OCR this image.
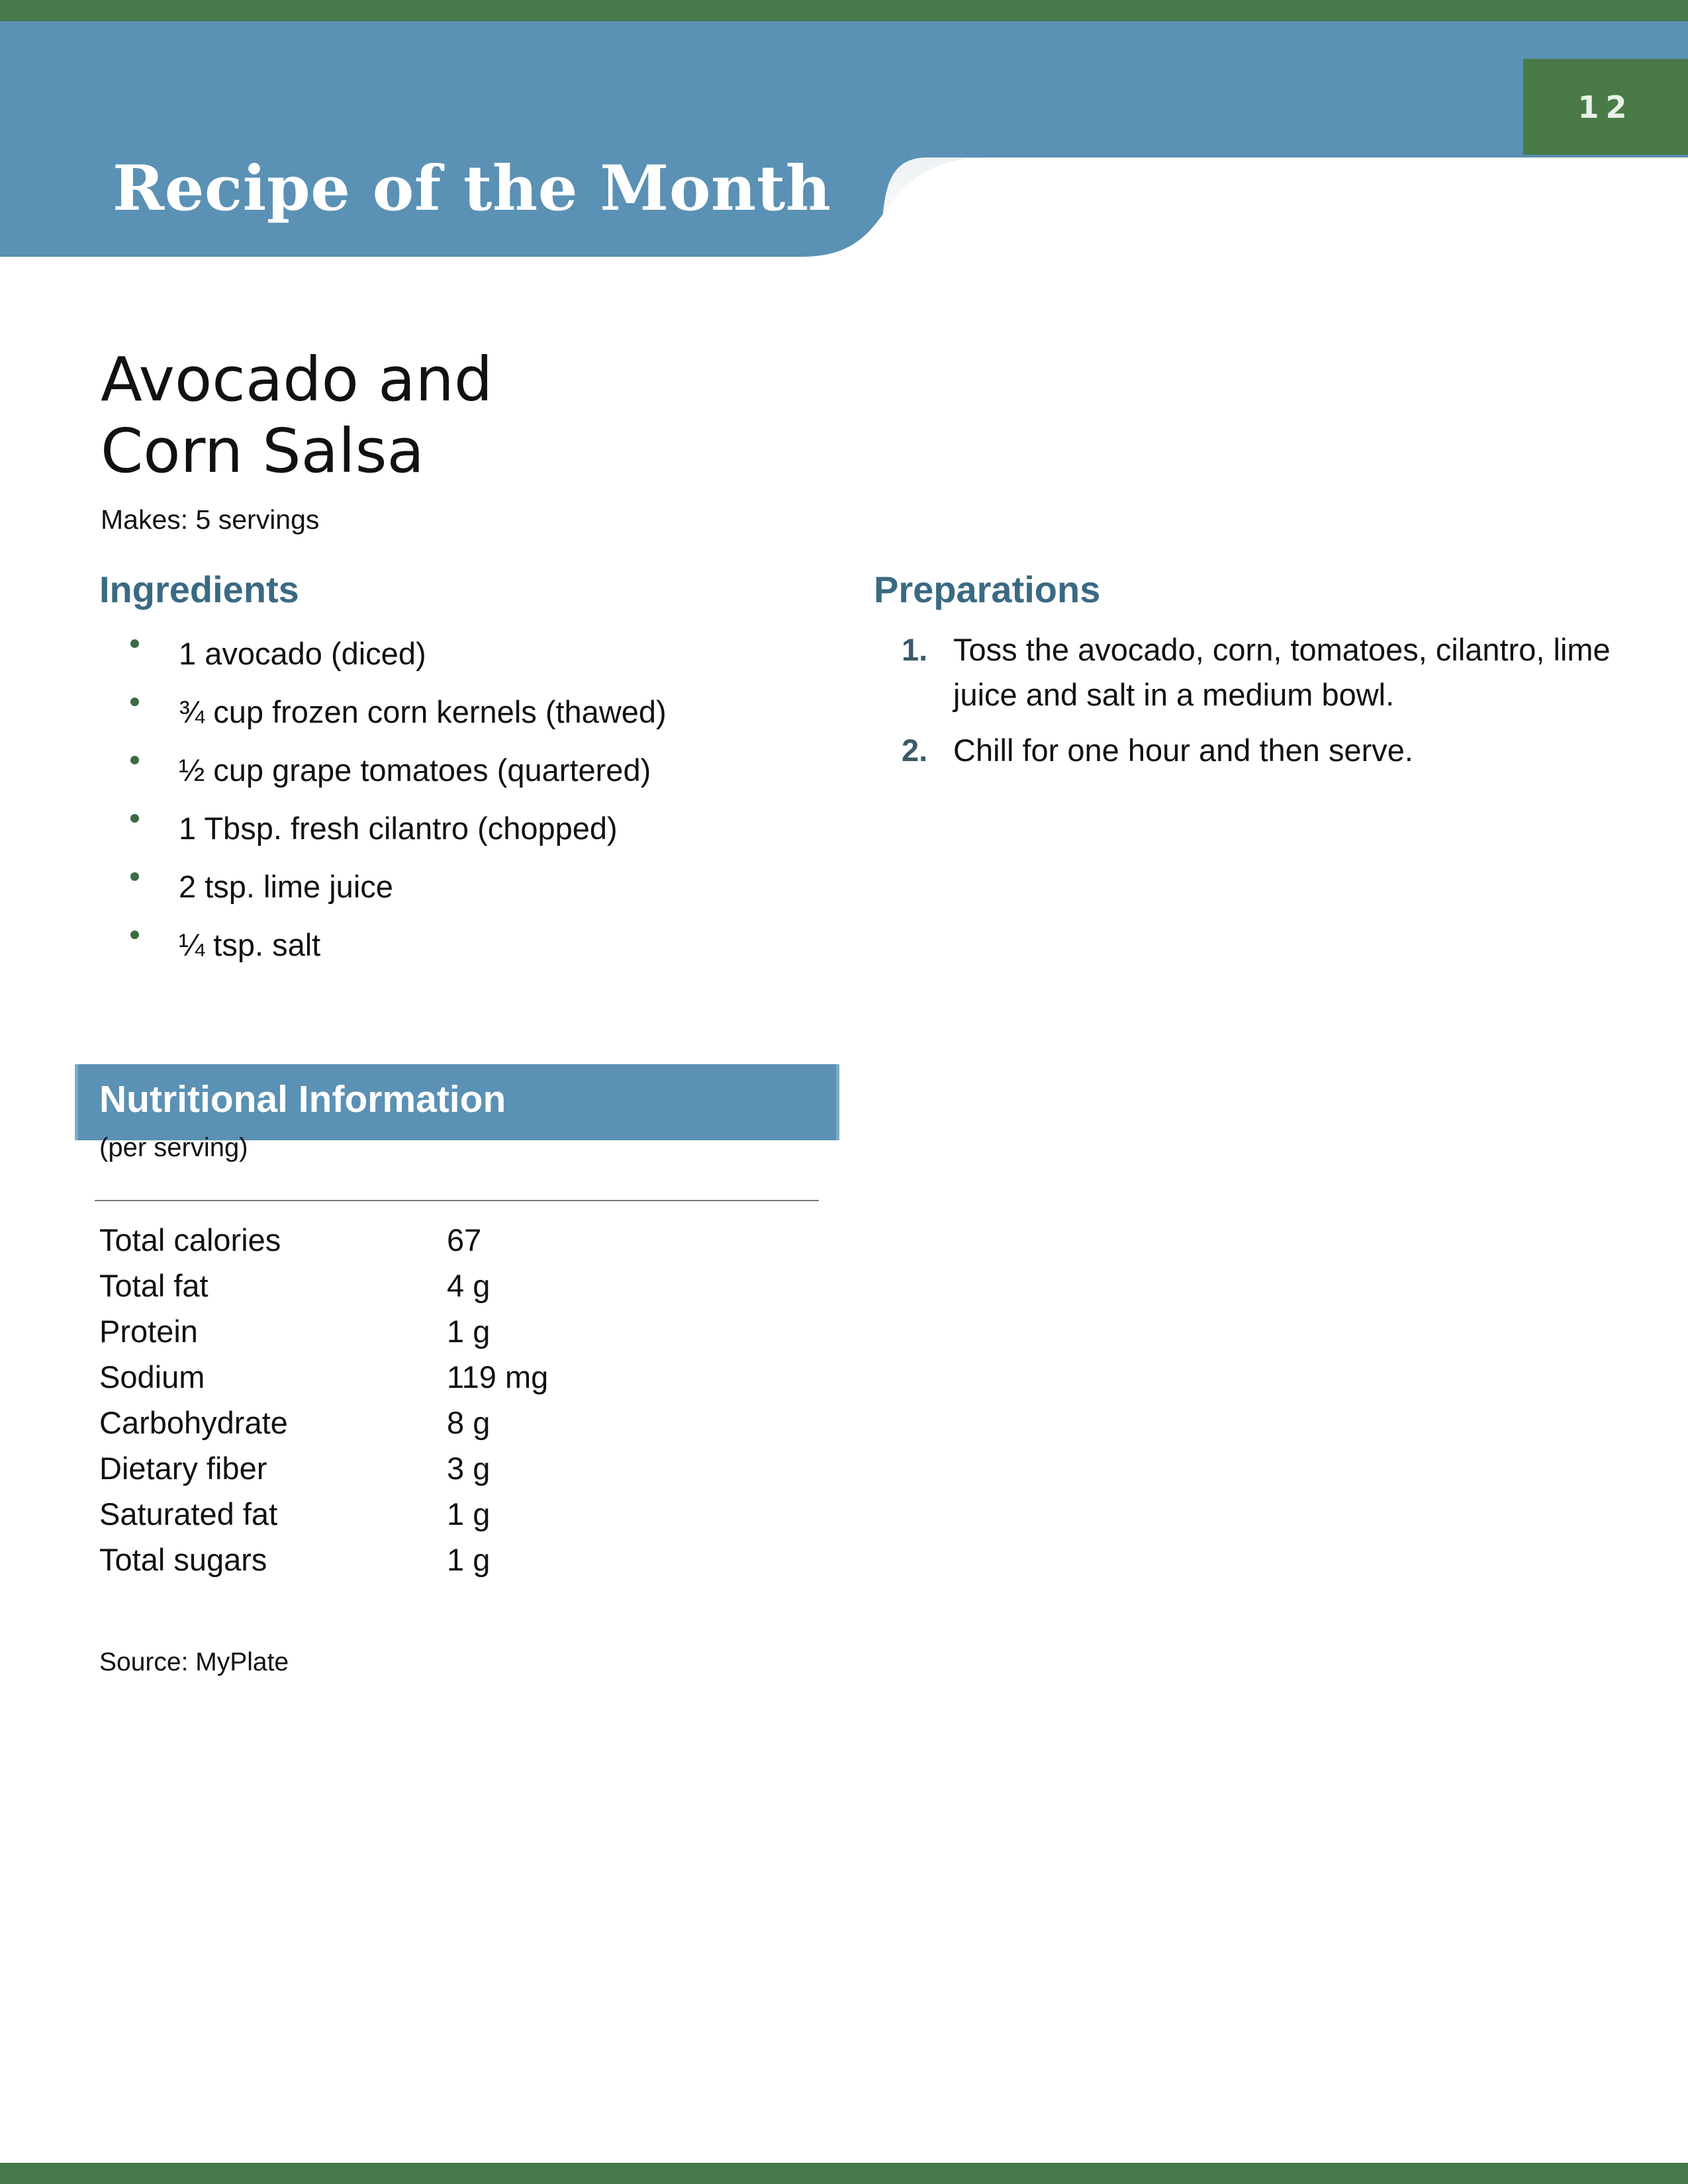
12
Recipe of the Month
Avocado and
Corn Salsa
Makes: 5 servings
Ingredients
1 avocado (diced)
¾ cup frozen corn kernels (thawed)
½ cup grape tomatoes (quartered)
1 Tbsp. fresh cilantro (chopped)
2 tsp. lime juice
¼ tsp. salt
Preparations
1. Toss the avocado, corn, tomatoes, cilantro, lime juice and salt in a medium bowl.
2. Chill for one hour and then serve.
Nutritional Information
(per serving)
Total calories	67
Total fat	4 g
Protein	1 g
Sodium	119 mg
Carbohydrate	8 g
Dietary fiber	3 g
Saturated fat	1 g
Total sugars	1 g
Source: MyPlate
